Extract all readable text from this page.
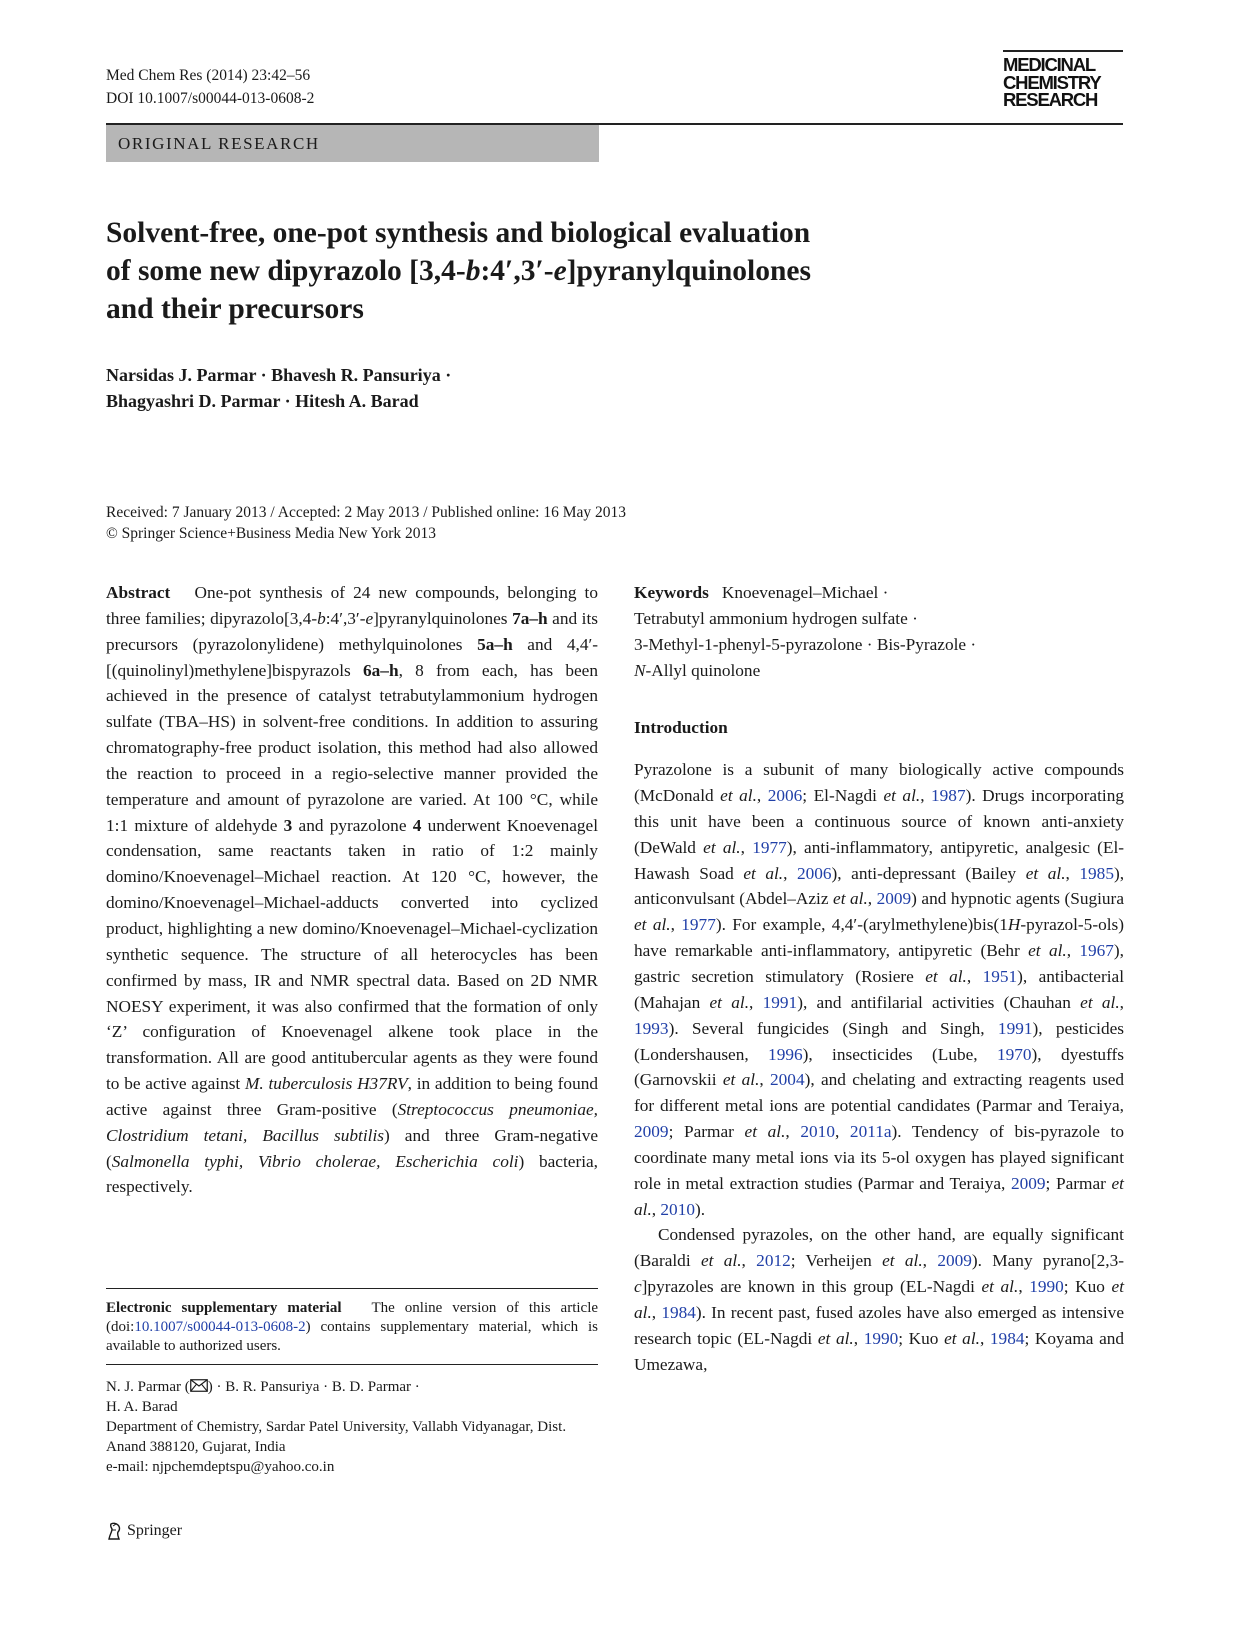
Med Chem Res (2014) 23:42–56
DOI 10.1007/s00044-013-0608-2
MEDICINAL
CHEMISTRY
RESEARCH
ORIGINAL RESEARCH
Solvent-free, one-pot synthesis and biological evaluation
of some new dipyrazolo [3,4-b:4′,3′-e]pyranylquinolones
and their precursors
Narsidas J. Parmar · Bhavesh R. Pansuriya ·
Bhagyashri D. Parmar · Hitesh A. Barad
Received: 7 January 2013 / Accepted: 2 May 2013 / Published online: 16 May 2013
© Springer Science+Business Media New York 2013

Abstract One-pot synthesis of 24 new compounds, belonging to three families; dipyrazolo[3,4-b:4′,3′-e]pyranylquinolones 7a–h and its precursors (pyrazolonylidene) methylquinolones 5a–h and 4,4′-[(quinolinyl)methylene]bispyrazols 6a–h, 8 from each, has been achieved in the presence of catalyst tetrabutylammonium hydrogen sulfate (TBA–HS) in solvent-free conditions. In addition to assuring chromatography-free product isolation, this method had also allowed the reaction to proceed in a regio-selective manner provided the temperature and amount of pyrazolone are varied. At 100 °C, while 1:1 mixture of aldehyde 3 and pyrazolone 4 underwent Knoevenagel condensation, same reactants taken in ratio of 1:2 mainly domino/Knoevenagel–Michael reaction. At 120 °C, however, the domino/Knoevenagel–Michael-adducts converted into cyclized product, highlighting a new domino/Knoevenagel–Michael-cyclization synthetic sequence. The structure of all heterocycles has been confirmed by mass, IR and NMR spectral data. Based on 2D NMR NOESY experiment, it was also confirmed that the formation of only ‘Z’ configuration of Knoevenagel alkene took place in the transformation. All are good antitubercular agents as they were found to be active against M. tuberculosis H37RV, in addition to being found active against three Gram-positive (Streptococcus pneumoniae, Clostridium tetani, Bacillus subtilis) and three Gram-negative (Salmonella typhi, Vibrio cholerae, Escherichia coli) bacteria, respectively.

Electronic supplementary material The online version of this article (doi:10.1007/s00044-013-0608-2) contains supplementary material, which is available to authorized users.
N. J. Parmar ( ) · B. R. Pansuriya · B. D. Parmar ·
H. A. Barad
Department of Chemistry, Sardar Patel University, Vallabh Vidyanagar, Dist. Anand 388120, Gujarat, India
e-mail: njpchemdeptspu@yahoo.co.in
Keywords Knoevenagel–Michael ·
Tetrabutyl ammonium hydrogen sulfate ·
3-Methyl-1-phenyl-5-pyrazolone · Bis-Pyrazole ·
N-Allyl quinolone

Introduction

Pyrazolone is a subunit of many biologically active compounds (McDonald et al., 2006; El-Nagdi et al., 1987). Drugs incorporating this unit have been a continuous source of known anti-anxiety (DeWald et al., 1977), anti-inflammatory, antipyretic, analgesic (El-Hawash Soad et al., 2006), anti-depressant (Bailey et al., 1985), anticonvulsant (Abdel–Aziz et al., 2009) and hypnotic agents (Sugiura et al., 1977). For example, 4,4′-(arylmethylene)bis(1H-pyrazol-5-ols) have remarkable anti-inflammatory, antipyretic (Behr et al., 1967), gastric secretion stimulatory (Rosiere et al., 1951), antibacterial (Mahajan et al., 1991), and antifilarial activities (Chauhan et al., 1993). Several fungicides (Singh and Singh, 1991), pesticides (Londershausen, 1996), insecticides (Lube, 1970), dyestuffs (Garnovskii et al., 2004), and chelating and extracting reagents used for different metal ions are potential candidates (Parmar and Teraiya, 2009; Parmar et al., 2010, 2011a). Tendency of bis-pyrazole to coordinate many metal ions via its 5-ol oxygen has played significant role in metal extraction studies (Parmar and Teraiya, 2009; Parmar et al., 2010).

Condensed pyrazoles, on the other hand, are equally significant (Baraldi et al., 2012; Verheijen et al., 2009). Many pyrano[2,3-c]pyrazoles are known in this group (EL-Nagdi et al., 1990; Kuo et al., 1984). In recent past, fused azoles have also emerged as intensive research topic (EL-Nagdi et al., 1990; Kuo et al., 1984; Koyama and Umezawa,

Springer
